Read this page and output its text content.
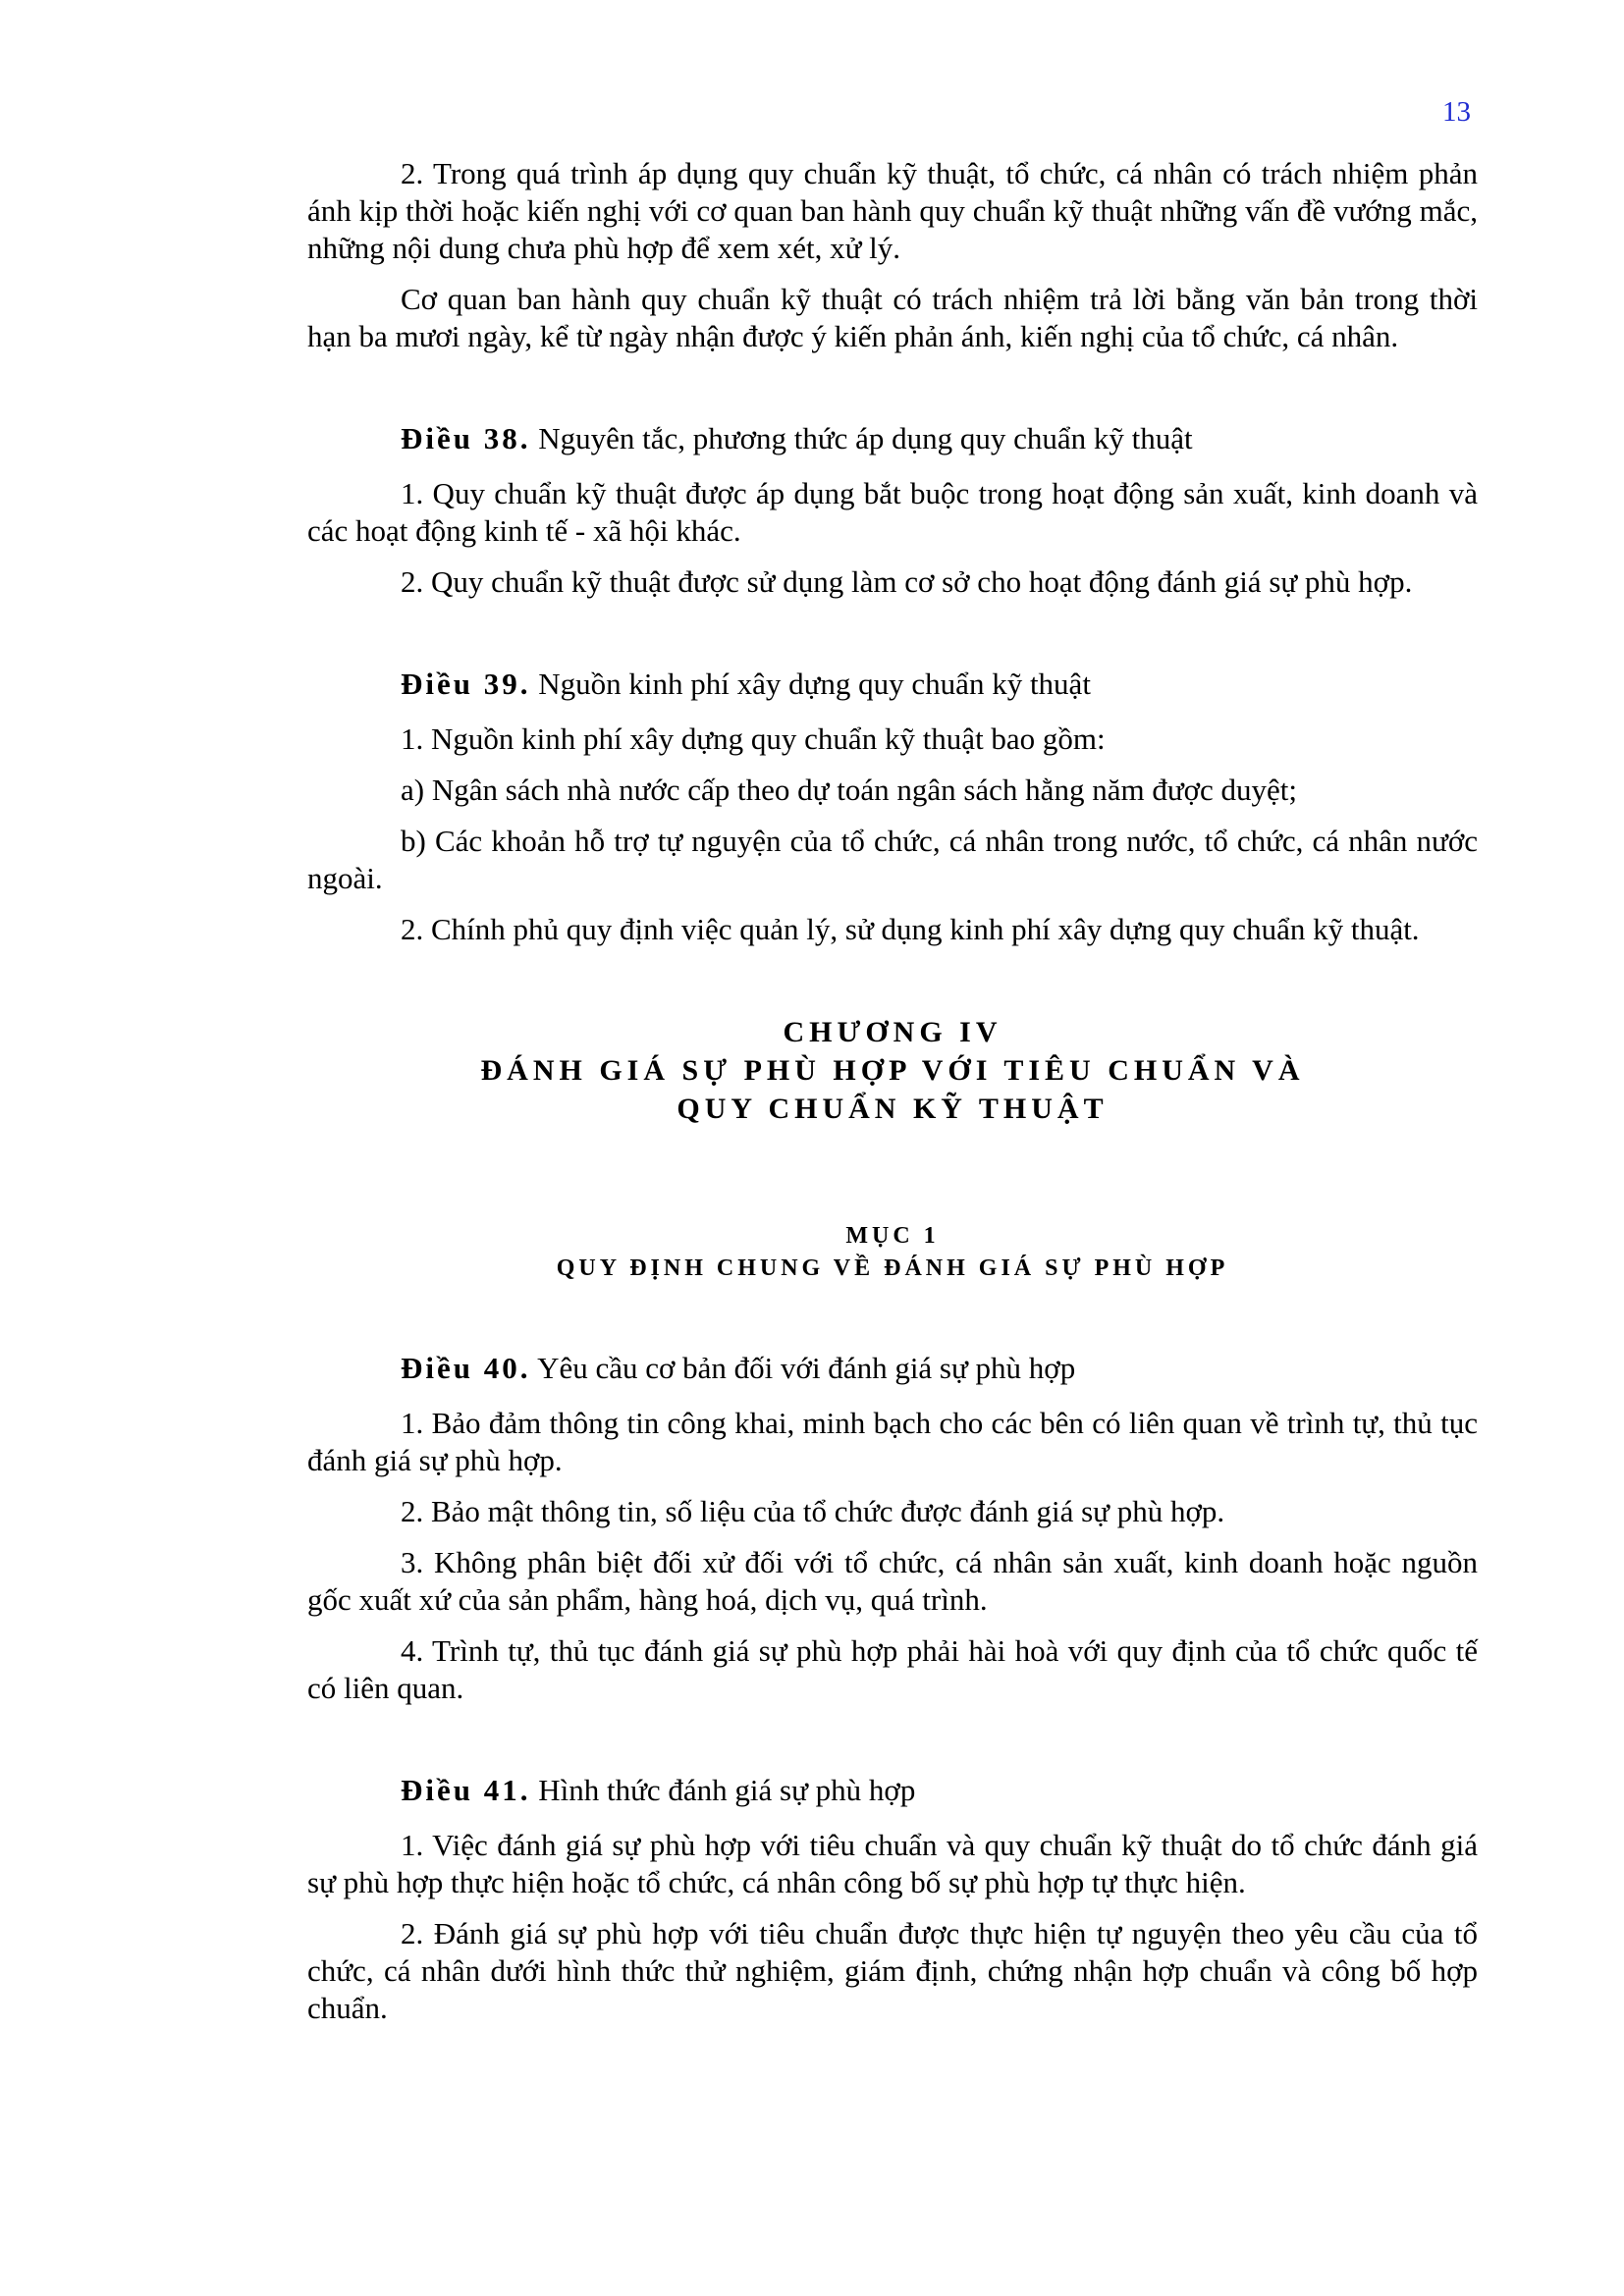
13

2. Trong quá trình áp dụng quy chuẩn kỹ thuật, tổ chức, cá nhân có trách nhiệm phản ánh kịp thời hoặc kiến nghị với cơ quan ban hành quy chuẩn kỹ thuật những vấn đề vướng mắc, những nội dung chưa phù hợp để xem xét, xử lý.

Cơ quan ban hành quy chuẩn kỹ thuật có trách nhiệm trả lời bằng văn bản trong thời hạn ba mươi ngày, kể từ ngày nhận được ý kiến phản ánh, kiến nghị của tổ chức, cá nhân.

Điều 38. Nguyên tắc, phương thức áp dụng quy chuẩn kỹ thuật

1. Quy chuẩn kỹ thuật được áp dụng bắt buộc trong hoạt động sản xuất, kinh doanh và các hoạt động kinh tế - xã hội khác.

2. Quy chuẩn kỹ thuật được sử dụng làm cơ sở cho hoạt động đánh giá sự phù hợp.

Điều 39. Nguồn kinh phí xây dựng quy chuẩn kỹ thuật

1. Nguồn kinh phí xây dựng quy chuẩn kỹ thuật bao gồm:

a) Ngân sách nhà nước cấp theo dự toán ngân sách hằng năm được duyệt;

b) Các khoản hỗ trợ tự nguyện của tổ chức, cá nhân trong nước, tổ chức, cá nhân nước ngoài.

2. Chính phủ quy định việc quản lý, sử dụng kinh phí xây dựng quy chuẩn kỹ thuật.

CHƯƠNG IV
ĐÁNH GIÁ SỰ PHÙ HỢP VỚI TIÊU CHUẨN VÀ
QUY CHUẨN KỸ THUẬT
MỤC 1
QUY ĐỊNH CHUNG VỀ ĐÁNH GIÁ SỰ PHÙ HỢP

Điều 40. Yêu cầu cơ bản đối với đánh giá sự phù hợp

1. Bảo đảm thông tin công khai, minh bạch cho các bên có liên quan về trình tự, thủ tục đánh giá sự phù hợp.

2. Bảo mật thông tin, số liệu của tổ chức được đánh giá sự phù hợp.

3. Không phân biệt đối xử đối với tổ chức, cá nhân sản xuất, kinh doanh hoặc nguồn gốc xuất xứ của sản phẩm, hàng hoá, dịch vụ, quá trình.

4. Trình tự, thủ tục đánh giá sự phù hợp phải hài hoà với quy định của tổ chức quốc tế có liên quan.

Điều 41. Hình thức đánh giá sự phù hợp

1. Việc đánh giá sự phù hợp với tiêu chuẩn và quy chuẩn kỹ thuật do tổ chức đánh giá sự phù hợp thực hiện hoặc tổ chức, cá nhân công bố sự phù hợp tự thực hiện.

2. Đánh giá sự phù hợp với tiêu chuẩn được thực hiện tự nguyện theo yêu cầu của tổ chức, cá nhân dưới hình thức thử nghiệm, giám định, chứng nhận hợp chuẩn và công bố hợp chuẩn.
